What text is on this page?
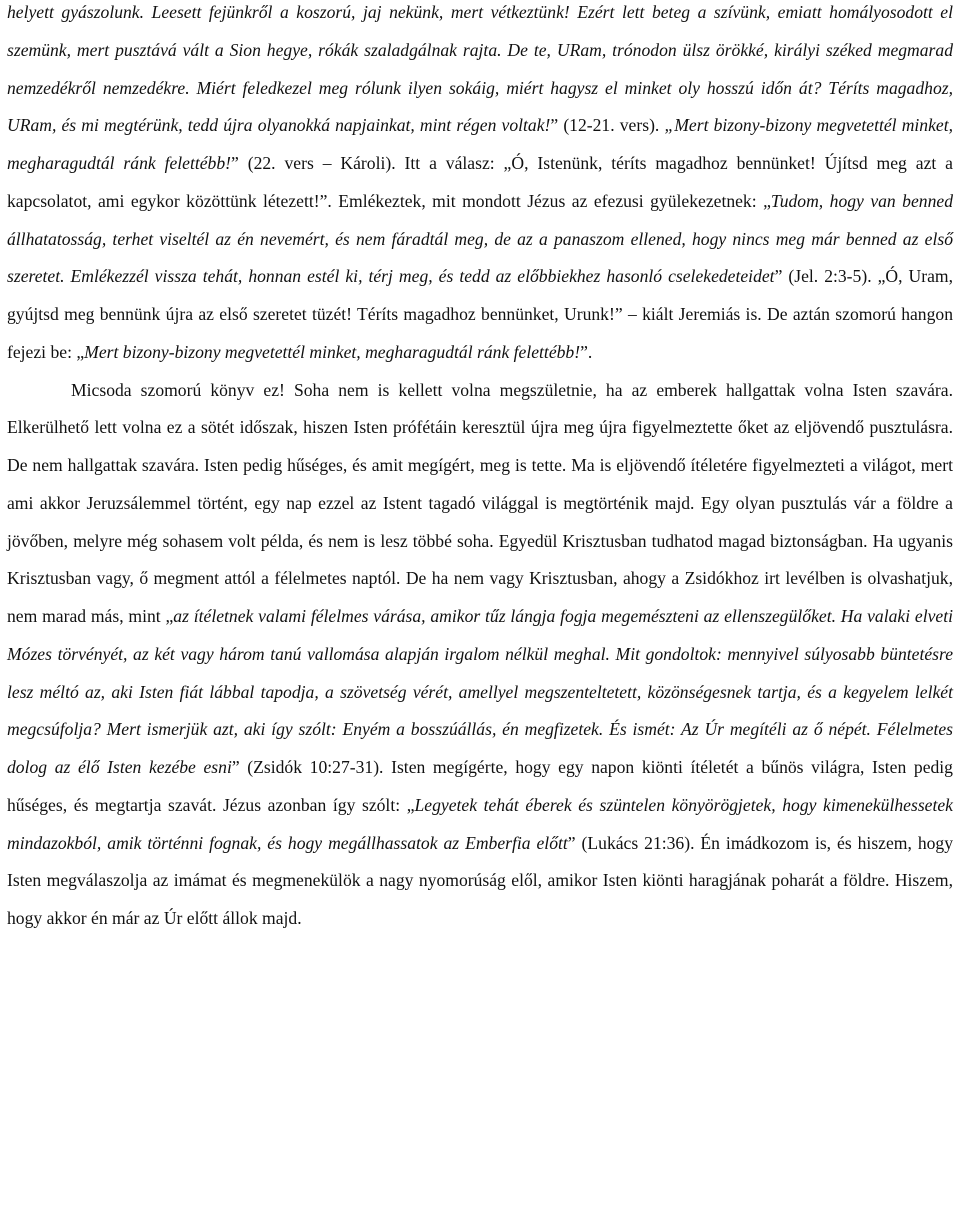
helyett gyászolunk. Leesett fejünkről a koszorú, jaj nekünk, mert vétkeztünk! Ezért lett beteg a szívünk, emiatt homályosodott el szemünk, mert pusztává vált a Sion hegye, rókák szaladgálnak rajta. De te, URam, trónodon ülsz örökké, királyi széked megmarad nemzedékről nemzedékre. Miért feledkezel meg rólunk ilyen sokáig, miért hagysz el minket oly hosszú időn át? Téríts magadhoz, URam, és mi megtérünk, tedd újra olyanokká napjainkat, mint régen voltak!” (12-21. vers). „Mert bizony-bizony megvetettél minket, megharagudtál ránk felettébb!” (22. vers – Károli). Itt a válasz: „Ó, Istenünk, téríts magadhoz bennünket! Újítsd meg azt a kapcsolatot, ami egykor közöttünk létezett!”. Emlékeztek, mit mondott Jézus az efezusi gyülekezetnek: „Tudom, hogy van benned állhatatosság, terhet viseltél az én nevemért, és nem fáradtál meg, de az a panaszom ellened, hogy nincs meg már benned az első szeretet. Emlékezzél vissza tehát, honnan estél ki, térj meg, és tedd az előbbiekhez hasonló cselekedeteidet” (Jel. 2:3-5). „Ó, Uram, gyújtsd meg bennünk újra az első szeretet tüzét! Téríts magadhoz bennünket, Urunk!” – kiált Jeremiás is. De aztán szomorú hangon fejezi be: „Mert bizony-bizony megvetettél minket, megharagudtál ránk felettébb!”.

Micsoda szomorú könyv ez! Soha nem is kellett volna megszületnie, ha az emberek hallgattak volna Isten szavára. Elkerülhető lett volna ez a sötét időszak, hiszen Isten prófétáin keresztül újra meg újra figyelmeztette őket az eljövendő pusztulásra. De nem hallgattak szavára. Isten pedig hűséges, és amit megígért, meg is tette. Ma is eljövendő ítéletére figyelmezteti a világot, mert ami akkor Jeruzsálemmel történt, egy nap ezzel az Istent tagadó világgal is megtörténik majd. Egy olyan pusztulás vár a földre a jövőben, melyre még sohasem volt példa, és nem is lesz többé soha. Egyedül Krisztusban tudhatod magad biztonságban. Ha ugyanis Krisztusban vagy, ő megment attól a félelmetes naptól. De ha nem vagy Krisztusban, ahogy a Zsidókhoz irt levélben is olvashatjuk, nem marad más, mint „az ítéletnek valami félelmes várása, amikor tűz lángja fogja megemészteni az ellenszegülőket. Ha valaki elveti Mózes törvényét, az két vagy három tanú vallomása alapján irgalom nélkül meghal. Mit gondoltok: mennyivel súlyosabb büntetésre lesz méltó az, aki Isten fiát lábbal tapodja, a szövetség vérét, amellyel megszenteltetett, közönségesnek tartja, és a kegyelem lelkét megcsúfolja? Mert ismerjük azt, aki így szólt: Enyém a bosszúállás, én megfizetek. És ismét: Az Úr megítéli az ő népét. Félelmetes dolog az élő Isten kezébe esni” (Zsidók 10:27-31). Isten megígérte, hogy egy napon kiönti ítéletét a bűnös világra, Isten pedig hűséges, és megtartja szavát. Jézus azonban így szólt: „Legyetek tehát éberek és szüntelen könyörögjetek, hogy kimenekülhessetek mindazokból, amik történni fognak, és hogy megállhassatok az Emberfia előtt” (Lukács 21:36). Én imádkozom is, és hiszem, hogy Isten megválaszolja az imámat és megmenekülök a nagy nyomorúság elől, amikor Isten kiönti haragjának poharát a földre. Hiszem, hogy akkor én már az Úr előtt állok majd.
